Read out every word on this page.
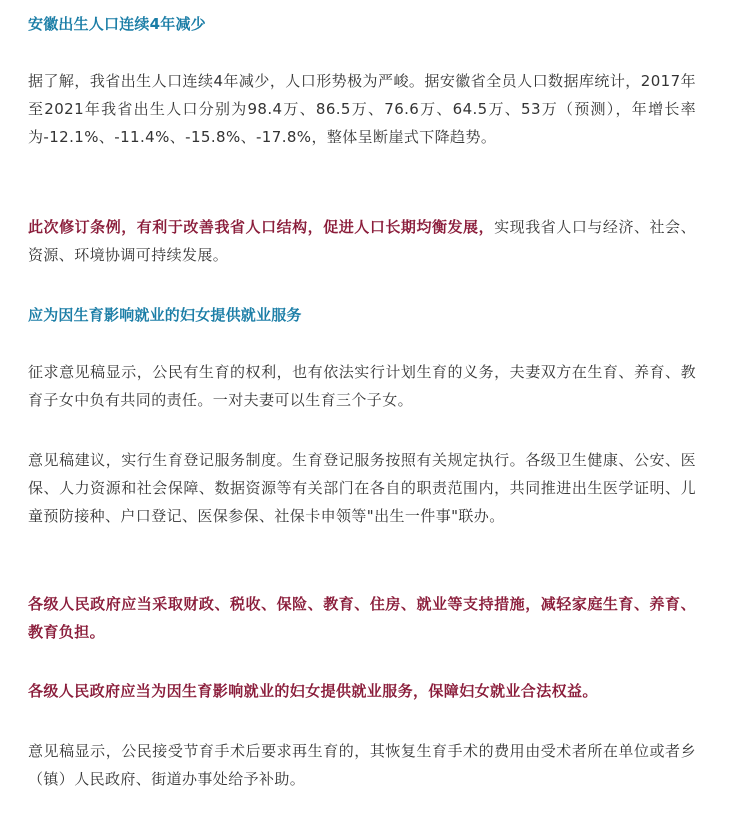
安徽出生人口连续4年减少
据了解，我省出生人口连续4年减少，人口形势极为严峻。据安徽省全员人口数据库统计，2017年至2021年我省出生人口分别为98.4万、86.5万、76.6万、64.5万、53万（预测），年增长率为-12.1%、-11.4%、-15.8%、-17.8%，整体呈断崖式下降趋势。
此次修订条例，有利于改善我省人口结构，促进人口长期均衡发展，实现我省人口与经济、社会、资源、环境协调可持续发展。
应为因生育影响就业的妇女提供就业服务
征求意见稿显示，公民有生育的权利，也有依法实行计划生育的义务，夫妻双方在生育、养育、教育子女中负有共同的责任。一对夫妻可以生育三个子女。
意见稿建议，实行生育登记服务制度。生育登记服务按照有关规定执行。各级卫生健康、公安、医保、人力资源和社会保障、数据资源等有关部门在各自的职责范围内，共同推进出生医学证明、儿童预防接种、户口登记、医保参保、社保卡申领等"出生一件事"联办。
各级人民政府应当采取财政、税收、保险、教育、住房、就业等支持措施，减轻家庭生育、养育、教育负担。
各级人民政府应当为因生育影响就业的妇女提供就业服务，保障妇女就业合法权益。
意见稿显示，公民接受节育手术后要求再生育的，其恢复生育手术的费用由受术者所在单位或者乡（镇）人民政府、街道办事处给予补助。
